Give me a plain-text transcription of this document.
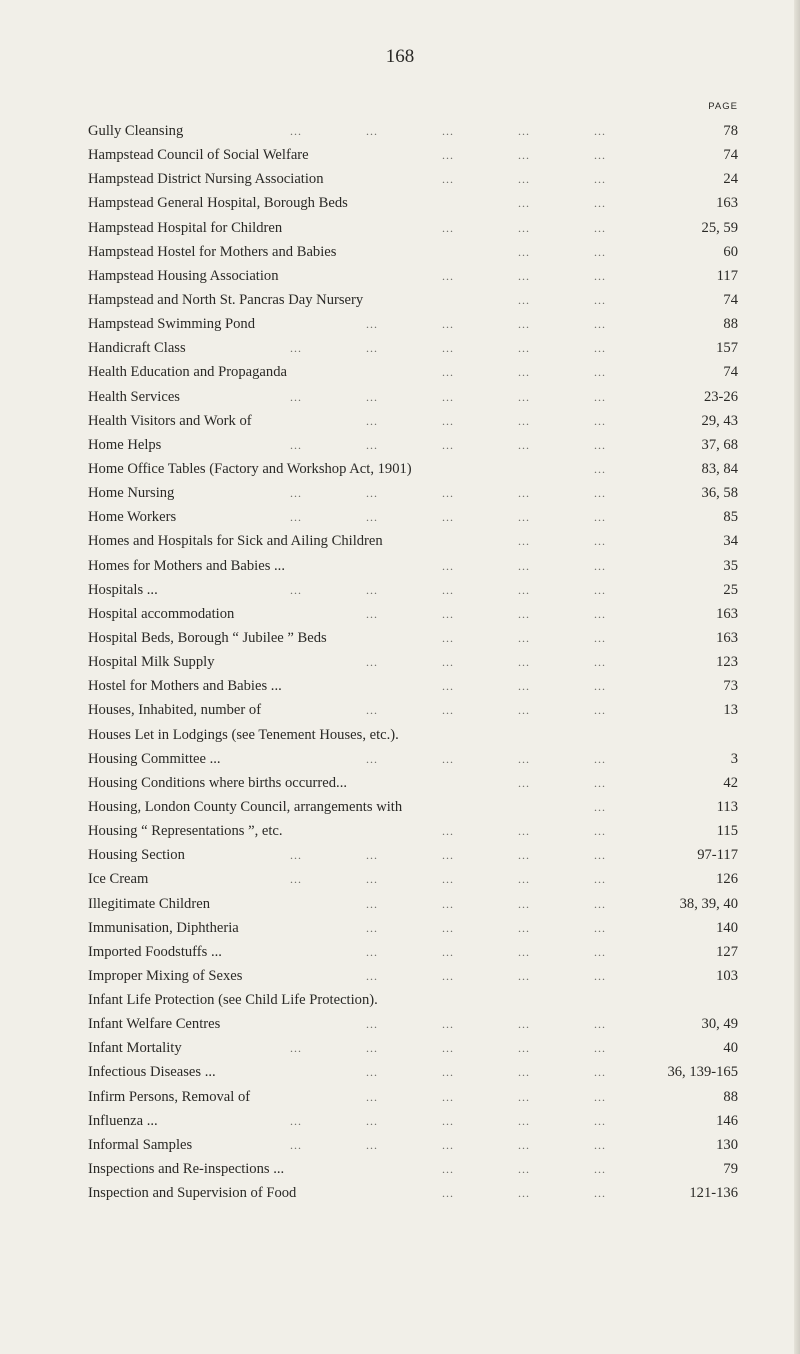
168
PAGE
Gully Cleansing	...	...	...	...	...	78
Hampstead Council of Social Welfare	...	...	...	74
Hampstead District Nursing Association	...	...	...	24
Hampstead General Hospital, Borough Beds	...	...	163
Hampstead Hospital for Children	...	...	...	25, 59
Hampstead Hostel for Mothers and Babies	...	...	60
Hampstead Housing Association	...	...	...	117
Hampstead and North St. Pancras Day Nursery	...	...	74
Hampstead Swimming Pond	...	...	...	...	88
Handicraft Class	...	...	...	...	...	157
Health Education and Propaganda	...	...	...	74
Health Services	...	...	...	...	...	23-26
Health Visitors and Work of	...	...	...	...	29, 43
Home Helps	...	...	...	...	...	37, 68
Home Office Tables (Factory and Workshop Act, 1901)	...	83, 84
Home Nursing	...	...	...	...	...	36, 58
Home Workers	...	...	...	...	...	85
Homes and Hospitals for Sick and Ailing Children	...	...	34
Homes for Mothers and Babies ...	...	...	...	35
Hospitals ...	...	...	...	...	...	25
Hospital accommodation	...	...	...	...	163
Hospital Beds, Borough “ Jubilee ” Beds	...	...	...	163
Hospital Milk Supply	...	...	...	...	123
Hostel for Mothers and Babies ...	...	...	...	73
Houses, Inhabited, number of	...	...	...	...	13
Houses Let in Lodgings (see Tenement Houses, etc.).
Housing Committee ...	...	...	...	...	3
Housing Conditions where births occurred...	...	...	42
Housing, London County Council, arrangements with	...	113
Housing “ Representations ”, etc.	...	...	...	115
Housing Section	...	...	...	...	...	97-117
Ice Cream	...	...	...	...	...	126
Illegitimate Children	...	...	...	...	38, 39, 40
Immunisation, Diphtheria	...	...	...	...	140
Imported Foodstuffs ...	...	...	...	...	127
Improper Mixing of Sexes	...	...	...	...	103
Infant Life Protection (see Child Life Protection).
Infant Welfare Centres	...	...	...	...	30, 49
Infant Mortality	...	...	...	...	...	40
Infectious Diseases ...	...	...	...	...	36, 139-165
Infirm Persons, Removal of	...	...	...	...	88
Influenza ...	...	...	...	...	...	146
Informal Samples	...	...	...	...	...	130
Inspections and Re-inspections ...	...	...	...	79
Inspection and Supervision of Food	...	...	...	121-136
